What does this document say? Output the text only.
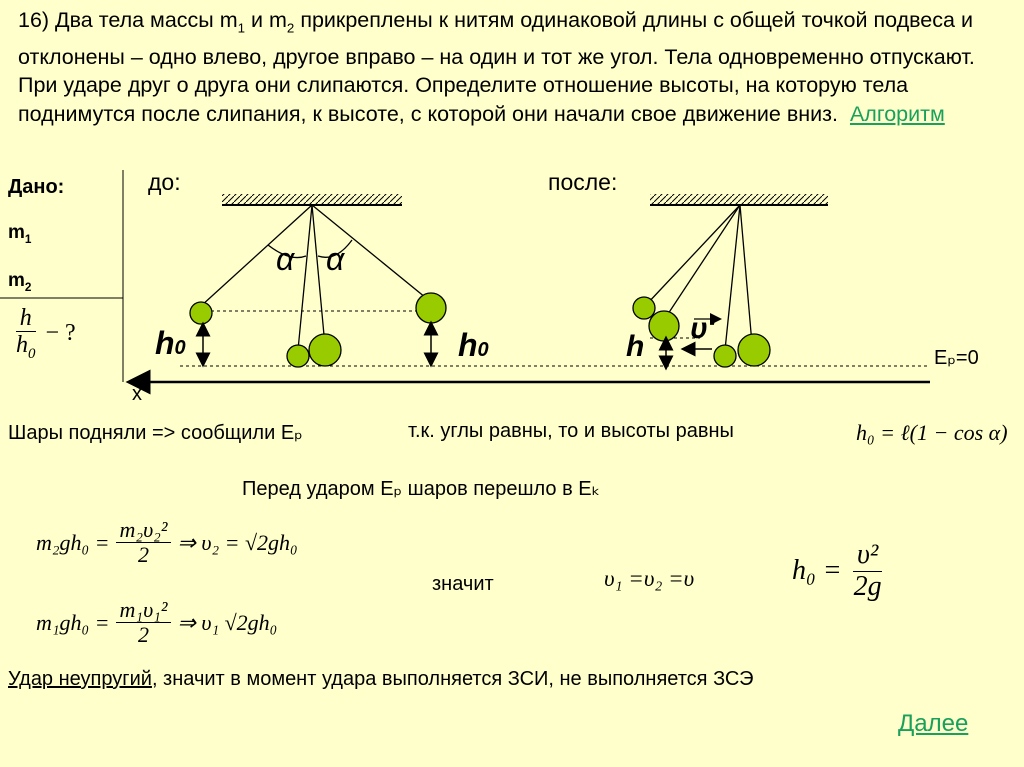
16) Два тела массы $m_1$ и $m_2$ прикреплены к нитям одинаковой длины с общей точкой подвеса и отклонены – одно влево, другое вправо – на один и тот же угол. Тела одновременно отпускают. При ударе друг о друга они слипаются. Определите отношение высоты, на которую тела поднимутся после слипания, к высоте, с которой они начали свое движение вниз. Алгоритм

Дано:
$m_1$
$m_2$
$\frac{h}{h_0}$ − ?
до:	после:
α α
h0	h0	h
υ'
x
Eₚ=0
Шары подняли => сообщили Eₚ	т.к. углы равны, то и высоты равны	h₀ = ℓ(1 − cos α)
Перед ударом Eₚ шаров перешло в Eₖ
$m_2gh_0 = \frac{\text{m₂υ₂²}}{2}$ ⇒ υ₂ = √2gh₀
$m_1gh_0 = \frac{\text{m₁υ₁²}}{2}$ ⇒ υ₁ √2gh₀
значит	υ₁ =υ₂ =υ	$h_0 = \frac{\text{υ²}}{2g}$
Удар неупругий, значит в момент удара выполняется ЗСИ, не выполняется ЗСЭ
Далее
